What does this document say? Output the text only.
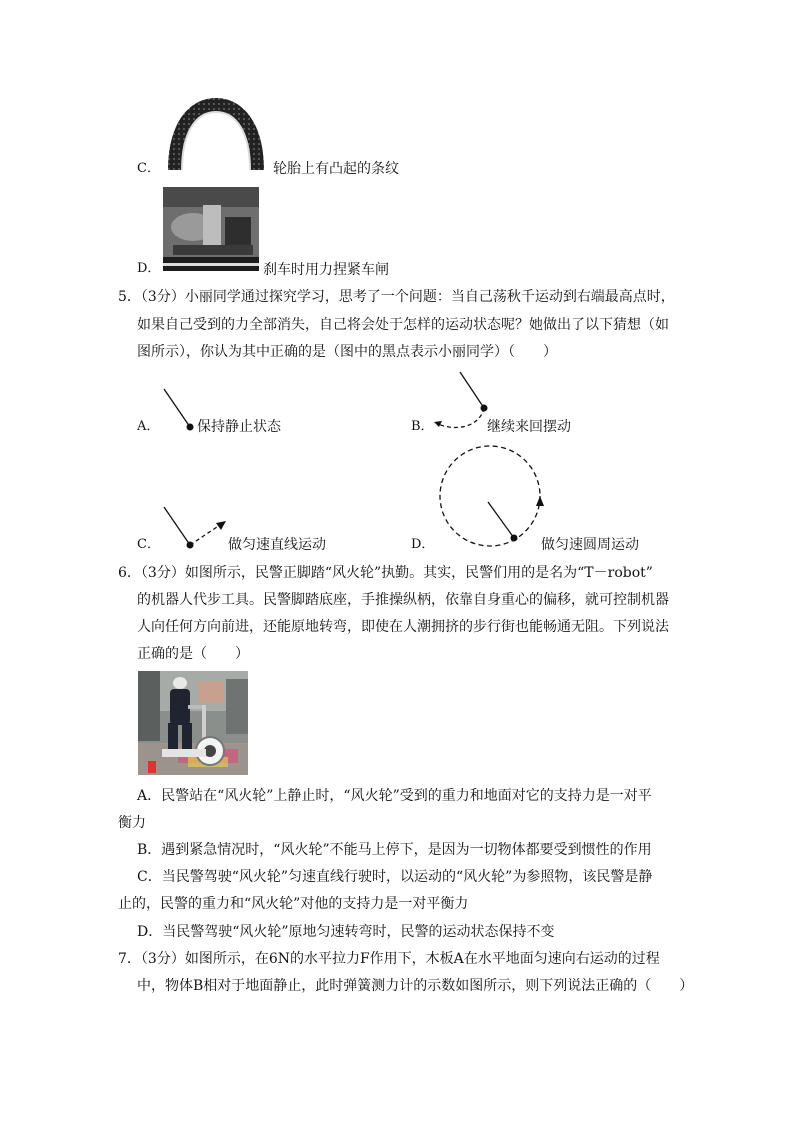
C．	轮胎上有凸起的条纹
D．	刹车时用力捏紧车闸
5．（3分）小丽同学通过探究学习，思考了一个问题：当自己荡秋千运动到右端最高点时，
如果自己受到的力全部消失，自己将会处于怎样的运动状态呢？她做出了以下猜想（如
图所示），你认为其中正确的是（图中的黑点表示小丽同学）（　　）
A．	保持静止状态	B．	继续来回摆动
C．	做匀速直线运动	D．	做匀速圆周运动
6．（3分）如图所示，民警正脚踏“风火轮”执勤。其实，民警们用的是名为“T－robot”
的机器人代步工具。民警脚踏底座，手推操纵柄，依靠自身重心的偏移，就可控制机器
人向任何方向前进，还能原地转弯，即使在人潮拥挤的步行街也能畅通无阻。下列说法
正确的是（　　）
A．民警站在“风火轮”上静止时，“风火轮”受到的重力和地面对它的支持力是一对平
衡力
B．遇到紧急情况时，“风火轮”不能马上停下，是因为一切物体都要受到惯性的作用
C．当民警驾驶“风火轮”匀速直线行驶时，以运动的“风火轮”为参照物，该民警是静
止的，民警的重力和“风火轮”对他的支持力是一对平衡力
D．当民警驾驶“风火轮”原地匀速转弯时，民警的运动状态保持不变
7．（3分）如图所示，在6N的水平拉力F作用下，木板A在水平地面匀速向右运动的过程
中，物体B相对于地面静止，此时弹簧测力计的示数如图所示，则下列说法正确的（　　）
